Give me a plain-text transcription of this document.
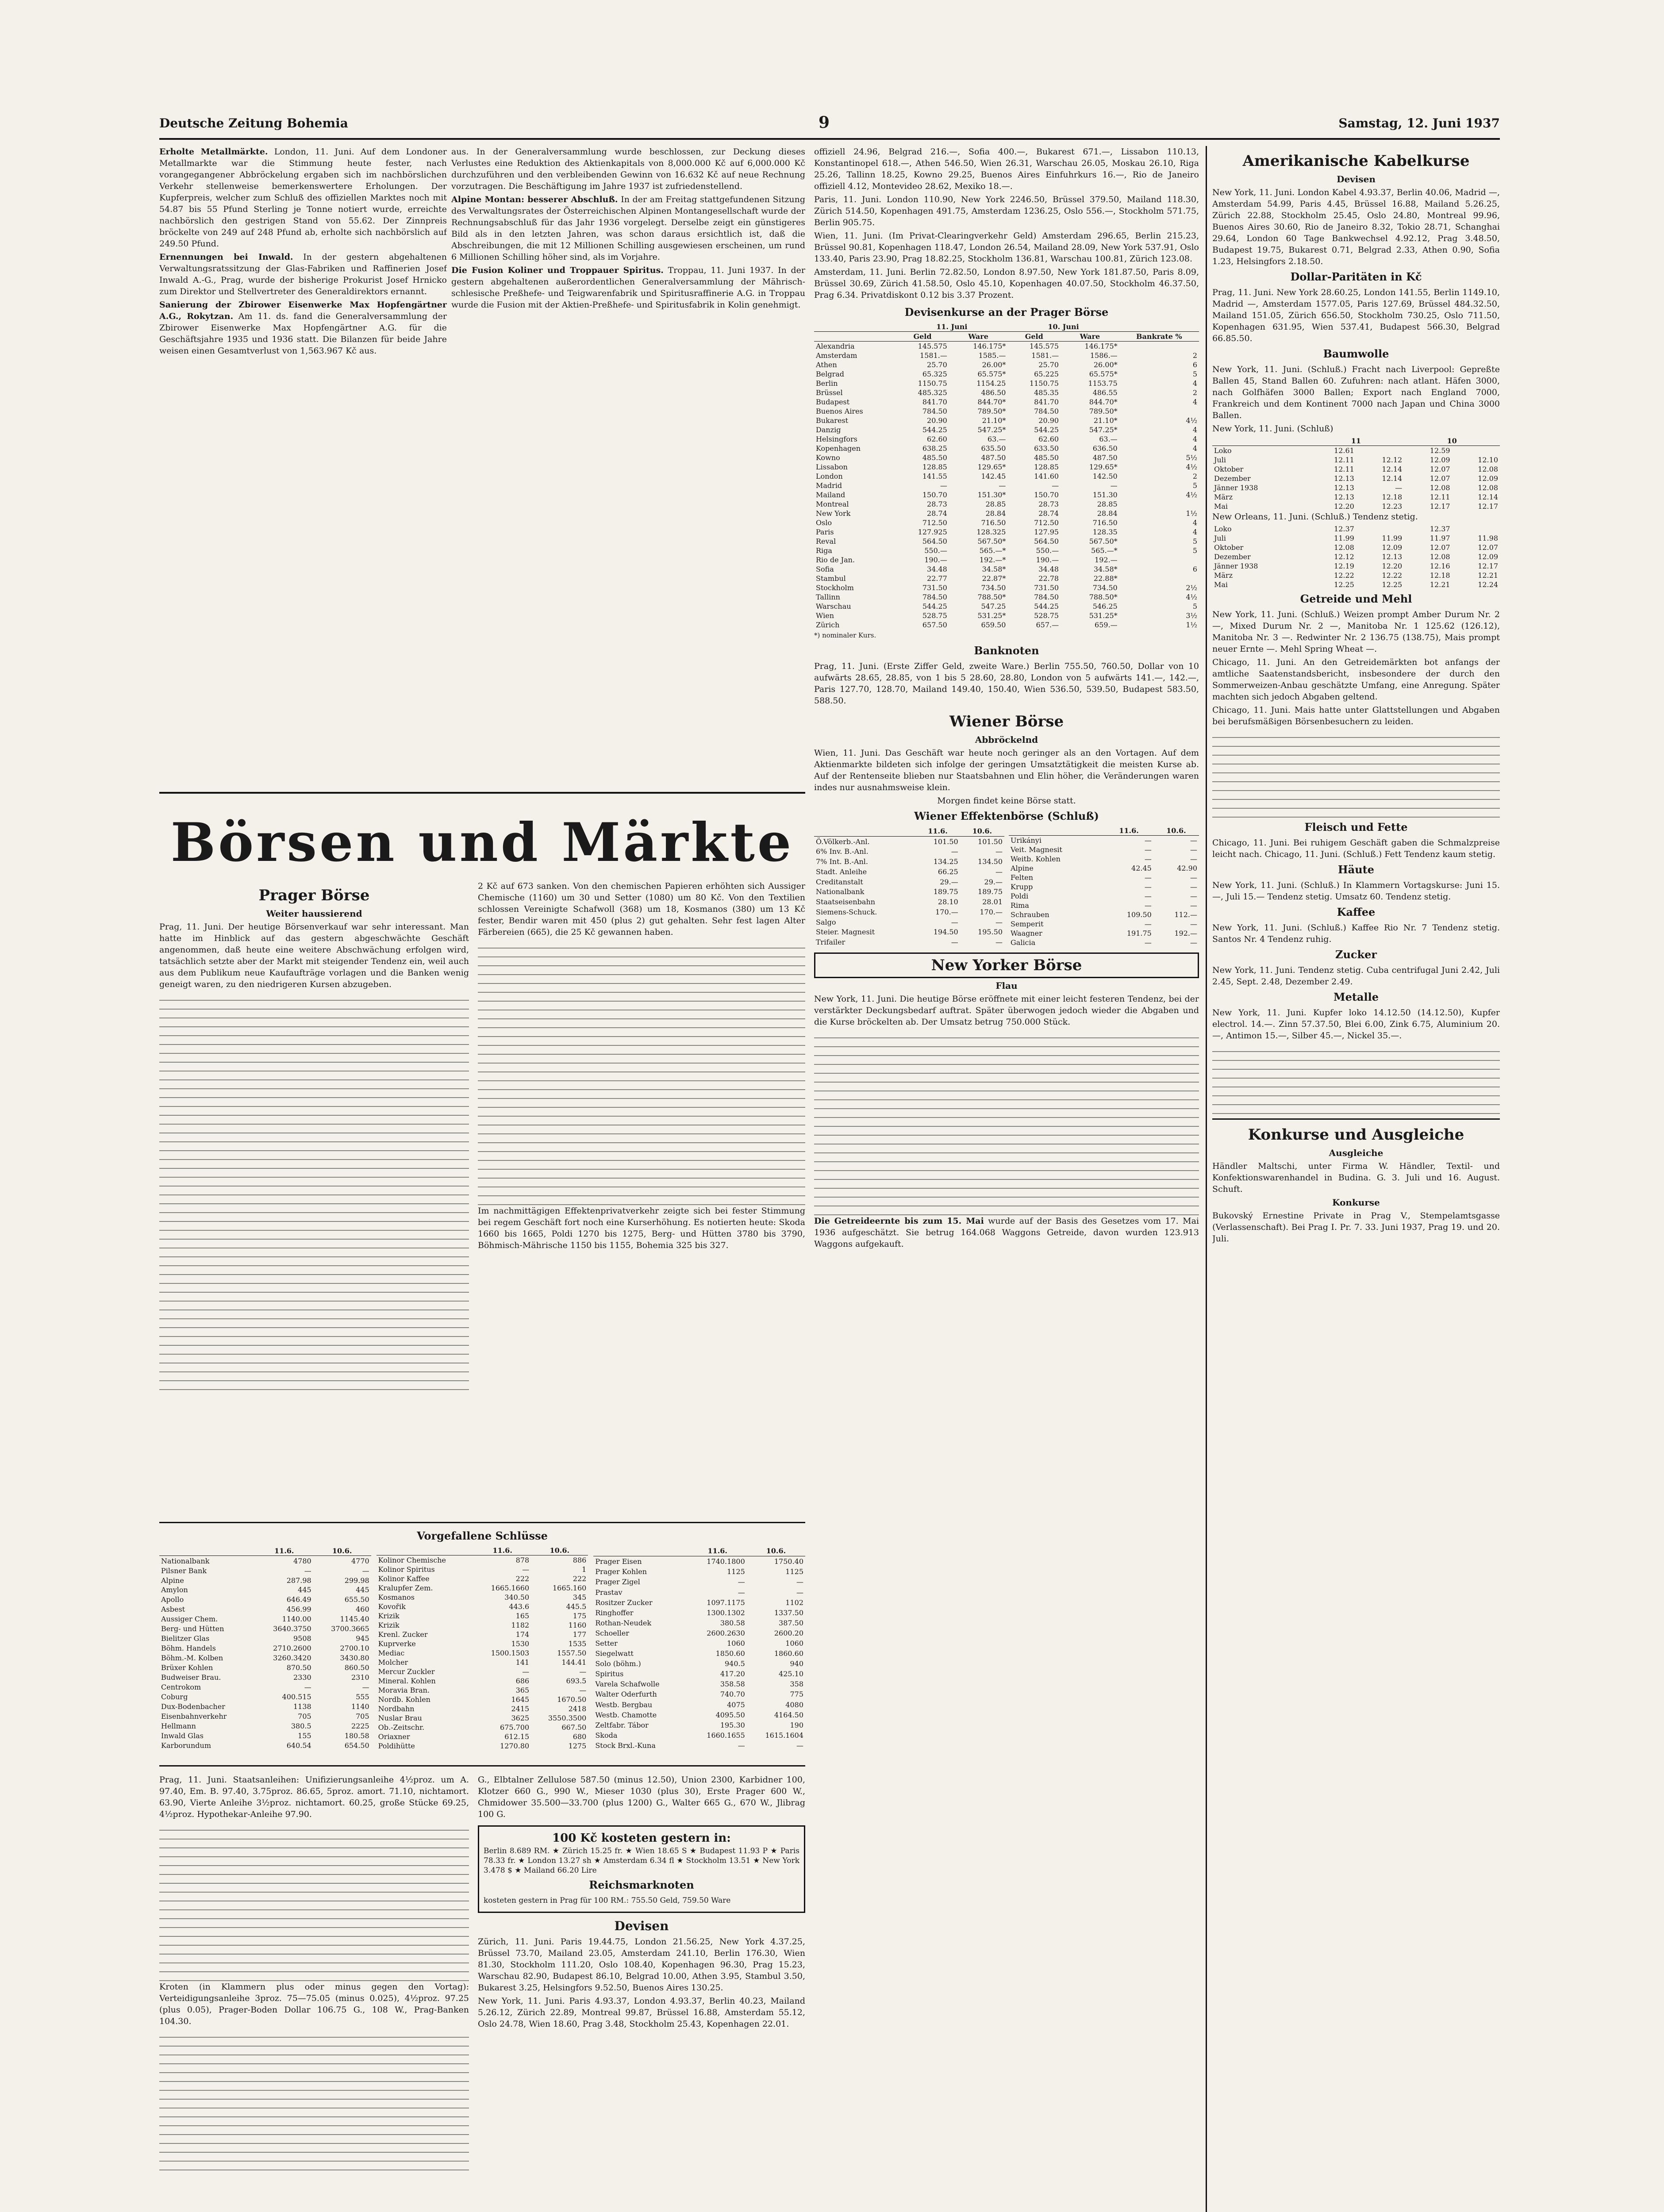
Deutsche Zeitung Bohemia	9	Samstag, 12. Juni 1937

Erholte Metallmärkte. London, 11. Juni. Auf dem Londoner Metallmarkte war die Stimmung heute fester, nach vorangegangener Abbröckelung ergaben sich im nachbörslichen Verkehr stellenweise bemerkenswertere Erholungen. Der Kupferpreis, welcher zum Schluß des offiziellen Marktes noch mit 54.87 bis 55 Pfund Sterling je Tonne notiert wurde, erreichte nachbörslich den gestrigen Stand von 55.62. Der Zinnpreis bröckelte von 249 auf 248 Pfund ab, erholte sich nachbörslich auf 249.50 Pfund.

Ernennungen bei Inwald. In der gestern abgehaltenen Verwaltungsratssitzung der Glas-Fabriken und Raffinerien Josef Inwald A.-G., Prag, wurde der bisherige Prokurist Josef Hrnicko zum Direktor und Stellvertreter des Generaldirektors ernannt.

Sanierung der Zbirower Eisenwerke Max Hopfengärtner A.G., Rokytzan. Am 11. ds. fand die Generalversammlung der Zbirower Eisenwerke Max Hopfengärtner A.G. für die Geschäftsjahre 1935 und 1936 statt. Die Bilanzen für beide Jahre weisen einen Gesamtverlust von 1,563.967 Kč aus.

aus. In der Generalversammlung wurde beschlossen, zur Deckung dieses Verlustes eine Reduktion des Aktienkapitals von 8,000.000 Kč auf 6,000.000 Kč durchzuführen und den verbleibenden Gewinn von 16.632 Kč auf neue Rechnung vorzutragen. Die Beschäftigung im Jahre 1937 ist zufriedenstellend.

Alpine Montan: besserer Abschluß. In der am Freitag stattgefundenen Sitzung des Verwaltungsrates der Österreichischen Alpinen Montangesellschaft wurde der Rechnungsabschluß für das Jahr 1936 vorgelegt. Derselbe zeigt ein günstigeres Bild als in den letzten Jahren, was schon daraus ersichtlich ist, daß die Abschreibungen, die mit 12 Millionen Schilling ausgewiesen erscheinen, um rund 6 Millionen Schilling höher sind, als im Vorjahre.

Die Fusion Koliner und Troppauer Spiritus. Troppau, 11. Juni 1937. In der gestern abgehaltenen außerordentlichen Generalversammlung der Mährisch-schlesische Preßhefe- und Teigwarenfabrik und Spiritusraffinerie A.G. in Troppau wurde die Fusion mit der Aktien-Preßhefe- und Spiritusfabrik in Kolin genehmigt.

Börsen und Märkte
Prager Börse
Weiter haussierend

Prag, 11. Juni. Der heutige Börsenverkauf war sehr interessant. Man hatte im Hinblick auf das gestern abgeschwächte Geschäft angenommen, daß heute eine weitere Abschwächung erfolgen wird, tatsächlich setzte aber der Markt mit steigender Tendenz ein, weil auch aus dem Publikum neue Kaufaufträge vorlagen und die Banken wenig geneigt waren, zu den niedrigeren Kursen abzugeben.

2 Kč auf 673 sanken. Von den chemischen Papieren erhöhten sich Aussiger Chemische (1160) um 30 und Setter (1080) um 80 Kč. Von den Textilien schlossen Vereinigte Schafwoll (368) um 18, Kosmanos (380) um 13 Kč fester, Bendir waren mit 450 (plus 2) gut gehalten. Sehr fest lagen Alter Färbereien (665), die 25 Kč gewannen haben.

Im nachmittägigen Effektenprivatverkehr zeigte sich bei fester Stimmung bei regem Geschäft fort noch eine Kurserhöhung. Es notierten heute: Skoda 1660 bis 1665, Poldi 1270 bis 1275, Berg- und Hütten 3780 bis 3790, Böhmisch-Mährische 1150 bis 1155, Bohemia 325 bis 327.

Vorgefallene Schlüsse
	11.6.	10.6.
Nationalbank	4780	4770
Pilsner Bank	—	—
Alpine	287.98	299.98
Amylon	445	445
Apollo	646.49	655.50
Asbest	456.99	460
Aussiger Chem.	1140.00	1145.40
Berg- und Hütten	3640.3750	3700.3665
Bielitzer Glas	9508	945
Böhm. Handels	2710.2600	2700.10
Böhm.-M. Kolben	3260.3420	3430.80
Brüxer Kohlen	870.50	860.50
Budweiser Brau.	2330	2310
Centrokom	—	—
Coburg	400.515	555
Dux-Bodenbacher	1138	1140
Eisenbahnverkehr	705	705
Hellmann	380.5	2225
Inwald Glas	155	180.58
Karborundum	640.54	654.50
	11.6.	10.6.
Kolinor Chemische	878	886
Kolinor Spiritus	—	1
Kolinor Kaffee	222	222
Kralupfer Zem.	1665.1660	1665.160
Kosmanos	340.50	345
Kovořik	443.6	445.5
Krizik	165	175
Krizik	1182	1160
Krenl. Zucker	174	177
Kuprverke	1530	1535
Mediac	1500.1503	1557.50
Molcher	141	144.41
Mercur Zuckler	—	—
Mineral. Kohlen	686	693.5
Moravia Bran.	365	—
Nordb. Kohlen	1645	1670.50
Nordbahn	2415	2418
Nuslar Brau	3625	3550.3500
Ob.-Zeitschr.	675.700	667.50
Oriaxner	612.15	680
Poldihütte	1270.80	1275
	11.6.	10.6.
Prager Eisen	1740.1800	1750.40
Prager Kohlen	1125	1125
Prager Zigel	—	—
Prastav	—	—
Rositzer Zucker	1097.1175	1102
Ringhoffer	1300.1302	1337.50
Rothan-Neudek	380.58	387.50
Schoeller	2600.2630	2600.20
Setter	1060	1060
Siegelwatt	1850.60	1860.60
Solo (böhm.)	940.5	940
Spiritus	417.20	425.10
Varela Schafwolle	358.58	358
Walter Oderfurth	740.70	775
Westb. Bergbau	4075	4080
Westb. Chamotte	4095.50	4164.50
Zeltfabr. Tábor	195.30	190
Skoda	1660.1655	1615.1604
Stock Brxl.-Kuna	—	—

Prag, 11. Juni. Staatsanleihen: Unifizierungsanleihe 4½proz. um A. 97.40, Em. B. 97.40, 3.75proz. 86.65, 5proz. amort. 71.10, nichtamort. 63.90, Vierte Anleihe 3½proz. nichtamort. 60.25, große Stücke 69.25, 4½proz. Hypothekar-Anleihe 97.90.

Kroten (in Klammern plus oder minus gegen den Vortag): Verteidigungsanleihe 3proz. 75—75.05 (minus 0.025), 4½proz. 97.25 (plus 0.05), Prager-Boden Dollar 106.75 G., 108 W., Prag-Banken 104.30.

G., Elbtalner Zellulose 587.50 (minus 12.50), Union 2300, Karbidner 100, Klotzer 660 G., 990 W., Mieser 1030 (plus 30), Erste Prager 600 W., Chmidower 35.500—33.700 (plus 1200) G., Walter 665 G., 670 W., Jlibrag 100 G.

100 Kč kosteten gestern in:

Berlin 8.689 RM. ★ Zürich 15.25 fr. ★ Wien 18.65 S ★ Budapest 11.93 P ★ Paris 78.33 fr. ★ London 13.27 sh ★ Amsterdam 6.34 fl ★ Stockholm 13.51 ★ New York 3.478 $ ★ Mailand 66.20 Lire

Reichsmarknoten

kosteten gestern in Prag für 100 RM.: 755.50 Geld, 759.50 Ware

Devisen

Zürich, 11. Juni. Paris 19.44.75, London 21.56.25, New York 4.37.25, Brüssel 73.70, Mailand 23.05, Amsterdam 241.10, Berlin 176.30, Wien 81.30, Stockholm 111.20, Oslo 108.40, Kopenhagen 96.30, Prag 15.23, Warschau 82.90, Budapest 86.10, Belgrad 10.00, Athen 3.95, Stambul 3.50, Bukarest 3.25, Helsingfors 9.52.50, Buenos Aires 130.25.

New York, 11. Juni. Paris 4.93.37, London 4.93.37, Berlin 40.23, Mailand 5.26.12, Zürich 22.89, Montreal 99.87, Brüssel 16.88, Amsterdam 55.12, Oslo 24.78, Wien 18.60, Prag 3.48, Stockholm 25.43, Kopenhagen 22.01.

offiziell 24.96, Belgrad 216.—, Sofia 400.—, Bukarest 671.—, Lissabon 110.13, Konstantinopel 618.—, Athen 546.50, Wien 26.31, Warschau 26.05, Moskau 26.10, Riga 25.26, Tallinn 18.25, Kowno 29.25, Buenos Aires Einfuhrkurs 16.—, Rio de Janeiro offiziell 4.12, Montevideo 28.62, Mexiko 18.—.

Paris, 11. Juni. London 110.90, New York 2246.50, Brüssel 379.50, Mailand 118.30, Zürich 514.50, Kopenhagen 491.75, Amsterdam 1236.25, Oslo 556.—, Stockholm 571.75, Berlin 905.75.

Wien, 11. Juni. (Im Privat-Clearingverkehr Geld) Amsterdam 296.65, Berlin 215.23, Brüssel 90.81, Kopenhagen 118.47, London 26.54, Mailand 28.09, New York 537.91, Oslo 133.40, Paris 23.90, Prag 18.82.25, Stockholm 136.81, Warschau 100.81, Zürich 123.08.

Amsterdam, 11. Juni. Berlin 72.82.50, London 8.97.50, New York 181.87.50, Paris 8.09, Brüssel 30.69, Zürich 41.58.50, Oslo 45.10, Kopenhagen 40.07.50, Stockholm 46.37.50, Prag 6.34. Privatdiskont 0.12 bis 3.37 Prozent.

Devisenkurse an der Prager Börse
	11. Juni		10. Juni		
	Geld	Ware	Geld	Ware	Bankrate %
Alexandria	145.575	146.175*	145.575	146.175*	
Amsterdam	1581.—	1585.—	1581.—	1586.—	2
Athen	25.70	26.00*	25.70	26.00*	6
Belgrad	65.325	65.575*	65.225	65.575*	5
Berlin	1150.75	1154.25	1150.75	1153.75	4
Brüssel	485.325	486.50	485.35	486.55	2
Budapest	841.70	844.70*	841.70	844.70*	4
Buenos Aires	784.50	789.50*	784.50	789.50*	
Bukarest	20.90	21.10*	20.90	21.10*	4½
Danzig	544.25	547.25*	544.25	547.25*	4
Helsingfors	62.60	63.—	62.60	63.—	4
Kopenhagen	638.25	635.50	633.50	636.50	4
Kowno	485.50	487.50	485.50	487.50	5½
Lissabon	128.85	129.65*	128.85	129.65*	4½
London	141.55	142.45	141.60	142.50	2
Madrid	—	—	—	—	5
Mailand	150.70	151.30*	150.70	151.30	4½
Montreal	28.73	28.85	28.73	28.85	
New York	28.74	28.84	28.74	28.84	1½
Oslo	712.50	716.50	712.50	716.50	4
Paris	127.925	128.325	127.95	128.35	4
Reval	564.50	567.50*	564.50	567.50*	5
Riga	550.—	565.—*	550.—	565.—*	5
Rio de Jan.	190.—	192.—*	190.—	192.—	
Sofia	34.48	34.58*	34.48	34.58*	6
Stambul	22.77	22.87*	22.78	22.88*	
Stockholm	731.50	734.50	731.50	734.50	2½
Tallinn	784.50	788.50*	784.50	788.50*	4½
Warschau	544.25	547.25	544.25	546.25	5
Wien	528.75	531.25*	528.75	531.25*	3½
Zürich	657.50	659.50	657.—	659.—	1½

*) nominaler Kurs.

Banknoten

Prag, 11. Juni. (Erste Ziffer Geld, zweite Ware.) Berlin 755.50, 760.50, Dollar von 10 aufwärts 28.65, 28.85, von 1 bis 5 28.60, 28.80, London von 5 aufwärts 141.—, 142.—, Paris 127.70, 128.70, Mailand 149.40, 150.40, Wien 536.50, 539.50, Budapest 583.50, 588.50.

Wiener Börse
Abbröckelnd

Wien, 11. Juni. Das Geschäft war heute noch geringer als an den Vortagen. Auf dem Aktienmarkte bildeten sich infolge der geringen Umsatztätigkeit die meisten Kurse ab. Auf der Rentenseite blieben nur Staatsbahnen und Elin höher, die Veränderungen waren indes nur ausnahmsweise klein.

Morgen findet keine Börse statt.

Wiener Effektenbörse (Schluß)
	11.6.	10.6.
Ö.Völkerb.-Anl.	101.50	101.50
6% Inv. B.-Anl.	—	—
7% Int. B.-Anl.	134.25	134.50
Stadt. Anleihe	66.25	—
Creditanstalt	29.—	29.—
Nationalbank	189.75	189.75
Staatseisenbahn	28.10	28.01
Siemens-Schuck.	170.—	170.—
Salgo	—	—
Steier. Magnesit	194.50	195.50
Trifailer	—	—
	11.6.	10.6.
Urikányi	—	—
Veit. Magnesit	—	—
Weitb. Kohlen	—	—
Alpine	42.45	42.90
Felten	—	—
Krupp	—	—
Poldi	—	—
Rima	—	—
Schrauben	109.50	112.—
Semperit	—	—
Waagner	191.75	192.—
Galicia	—	—
New Yorker Börse
Flau

New York, 11. Juni. Die heutige Börse eröffnete mit einer leicht festeren Tendenz, bei der verstärkter Deckungsbedarf auftrat. Später überwogen jedoch wieder die Abgaben und die Kurse bröckelten ab. Der Umsatz betrug 750.000 Stück.

Die Getreideernte bis zum 15. Mai wurde auf der Basis des Gesetzes vom 17. Mai 1936 aufgeschätzt. Sie betrug 164.068 Waggons Getreide, davon wurden 123.913 Waggons aufgekauft.

Amerikanische Kabelkurse
Devisen

New York, 11. Juni. London Kabel 4.93.37, Berlin 40.06, Madrid —, Amsterdam 54.99, Paris 4.45, Brüssel 16.88, Mailand 5.26.25, Zürich 22.88, Stockholm 25.45, Oslo 24.80, Montreal 99.96, Buenos Aires 30.60, Rio de Janeiro 8.32, Tokio 28.71, Schanghai 29.64, London 60 Tage Bankwechsel 4.92.12, Prag 3.48.50, Budapest 19.75, Bukarest 0.71, Belgrad 2.33, Athen 0.90, Sofia 1.23, Helsingfors 2.18.50.

Dollar-Paritäten in Kč

Prag, 11. Juni. New York 28.60.25, London 141.55, Berlin 1149.10, Madrid —, Amsterdam 1577.05, Paris 127.69, Brüssel 484.32.50, Mailand 151.05, Zürich 656.50, Stockholm 730.25, Oslo 711.50, Kopenhagen 631.95, Wien 537.41, Budapest 566.30, Belgrad 66.85.50.

Baumwolle

New York, 11. Juni. (Schluß.) Fracht nach Liverpool: Gepreßte Ballen 45, Stand Ballen 60. Zufuhren: nach atlant. Häfen 3000, nach Golfhäfen 3000 Ballen; Export nach England 7000, Frankreich und dem Kontinent 7000 nach Japan und China 3000 Ballen.

New York, 11. Juni. (Schluß)

	11		10	
Loko	12.61		12.59	
Juli	12.11	12.12	12.09	12.10
Oktober	12.11	12.14	12.07	12.08
Dezember	12.13	12.14	12.07	12.09
Jänner 1938	12.13	—	12.08	12.08
März	12.13	12.18	12.11	12.14
Mai	12.20	12.23	12.17	12.17

New Orleans, 11. Juni. (Schluß.) Tendenz stetig.

Loko	12.37		12.37	
Juli	11.99	11.99	11.97	11.98
Oktober	12.08	12.09	12.07	12.07
Dezember	12.12	12.13	12.08	12.09
Jänner 1938	12.19	12.20	12.16	12.17
März	12.22	12.22	12.18	12.21
Mai	12.25	12.25	12.21	12.24
Getreide und Mehl

New York, 11. Juni. (Schluß.) Weizen prompt Amber Durum Nr. 2 —, Mixed Durum Nr. 2 —, Manitoba Nr. 1 125.62 (126.12), Manitoba Nr. 3 —. Redwinter Nr. 2 136.75 (138.75), Mais prompt neuer Ernte —. Mehl Spring Wheat —.

Chicago, 11. Juni. An den Getreidemärkten bot anfangs der amtliche Saatenstandsbericht, insbesondere der durch den Sommerweizen-Anbau geschätzte Umfang, eine Anregung. Später machten sich jedoch Abgaben geltend.

Chicago, 11. Juni. Mais hatte unter Glattstellungen und Abgaben bei berufsmäßigen Börsenbesuchern zu leiden.

Fleisch und Fette

Chicago, 11. Juni. Bei ruhigem Geschäft gaben die Schmalzpreise leicht nach. Chicago, 11. Juni. (Schluß.) Fett Tendenz kaum stetig.

Häute

New York, 11. Juni. (Schluß.) In Klammern Vortagskurse: Juni 15.—, Juli 15.— Tendenz stetig. Umsatz 60. Tendenz stetig.

Kaffee

New York, 11. Juni. (Schluß.) Kaffee Rio Nr. 7 Tendenz stetig. Santos Nr. 4 Tendenz ruhig.

Zucker

New York, 11. Juni. Tendenz stetig. Cuba centrifugal Juni 2.42, Juli 2.45, Sept. 2.48, Dezember 2.49.

Metalle

New York, 11. Juni. Kupfer loko 14.12.50 (14.12.50), Kupfer electrol. 14.—. Zinn 57.37.50, Blei 6.00, Zink 6.75, Aluminium 20.—, Antimon 15.—, Silber 45.—, Nickel 35.—.

Konkurse und Ausgleiche
Ausgleiche

Händler Maltschi, unter Firma W. Händler, Textil- und Konfektionswarenhandel in Budina. G. 3. Juli und 16. August. Schuft.

Konkurse

Bukovský Ernestine Private in Prag V., Stempelamtsgasse (Verlassenschaft). Bei Prag I. Pr. 7. 33. Juni 1937, Prag 19. und 20. Juli.
